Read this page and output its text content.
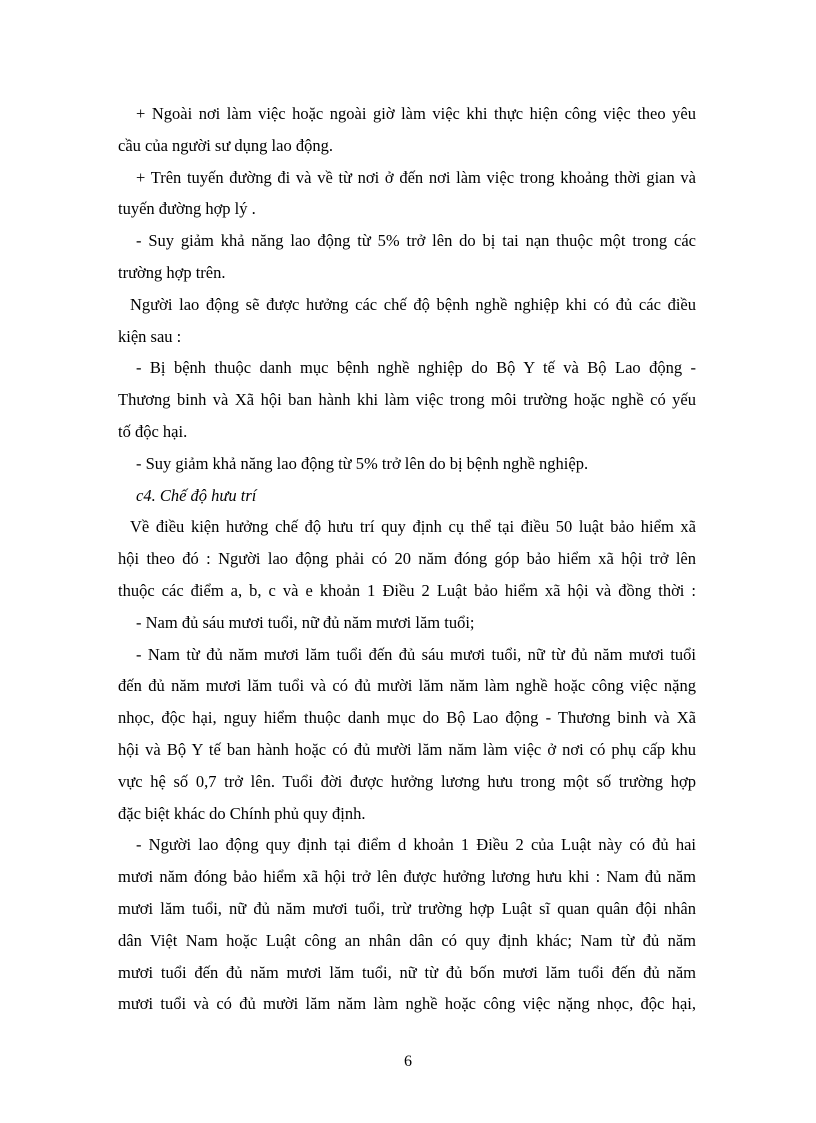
+ Ngoài nơi làm việc hoặc ngoài giờ làm việc khi thực hiện công việc theo yêu
cầu của người sư dụng lao động.
+ Trên tuyến đường đi và về từ nơi ở đến nơi làm việc trong khoảng thời gian và
tuyến đường hợp lý .
- Suy giảm khả năng lao động từ 5% trở lên do bị tai nạn thuộc một trong các
trường hợp trên.
Người lao động sẽ được hưởng các chế độ bệnh nghề nghiệp khi có đủ các điều
kiện sau :
- Bị bệnh thuộc danh mục bệnh nghề nghiệp do Bộ Y tế và Bộ Lao động -
Thương binh và Xã hội ban hành khi làm việc trong môi trường hoặc nghề có yếu
tố độc hại.
- Suy giảm khả năng lao động từ 5% trở lên do bị bệnh nghề nghiệp.
c4. Chế độ hưu trí
Về điều kiện hưởng chế độ hưu trí quy định cụ thể tại điều 50 luật bảo hiểm xã
hội theo đó : Người lao động phải có 20 năm đóng góp bảo hiểm xã hội trở lên
thuộc các điểm a, b, c và e khoản 1 Điều 2 Luật bảo hiểm xã hội và đồng thời :
- Nam đủ sáu mươi tuổi, nữ đủ năm mươi lăm tuổi;
- Nam từ đủ năm mươi lăm tuổi đến đủ sáu mươi tuổi, nữ từ đủ năm mươi tuổi
đến đủ năm mươi lăm tuổi và có đủ mười lăm năm làm nghề hoặc công việc nặng
nhọc, độc hại, nguy hiểm thuộc danh mục do Bộ Lao động - Thương binh và Xã
hội và Bộ Y tế ban hành hoặc có đủ mười lăm năm làm việc ở nơi có phụ cấp khu
vực hệ số 0,7 trở lên. Tuổi đời được hưởng lương hưu trong một số trường hợp
đặc biệt khác do Chính phủ quy định.
- Người lao động quy định tại điểm d khoản 1 Điều 2 của Luật này có đủ hai
mươi năm đóng bảo hiểm xã hội trở lên được hưởng lương hưu khi : Nam đủ năm
mươi lăm tuổi, nữ đủ năm mươi tuổi, trừ trường hợp Luật sĩ quan quân đội nhân
dân Việt Nam hoặc Luật công an nhân dân có quy định khác; Nam từ đủ năm
mươi tuổi đến đủ năm mươi lăm tuổi, nữ từ đủ bốn mươi lăm tuổi đến đủ năm
mươi tuổi và có đủ mười lăm năm làm nghề hoặc công việc nặng nhọc, độc hại,
6
